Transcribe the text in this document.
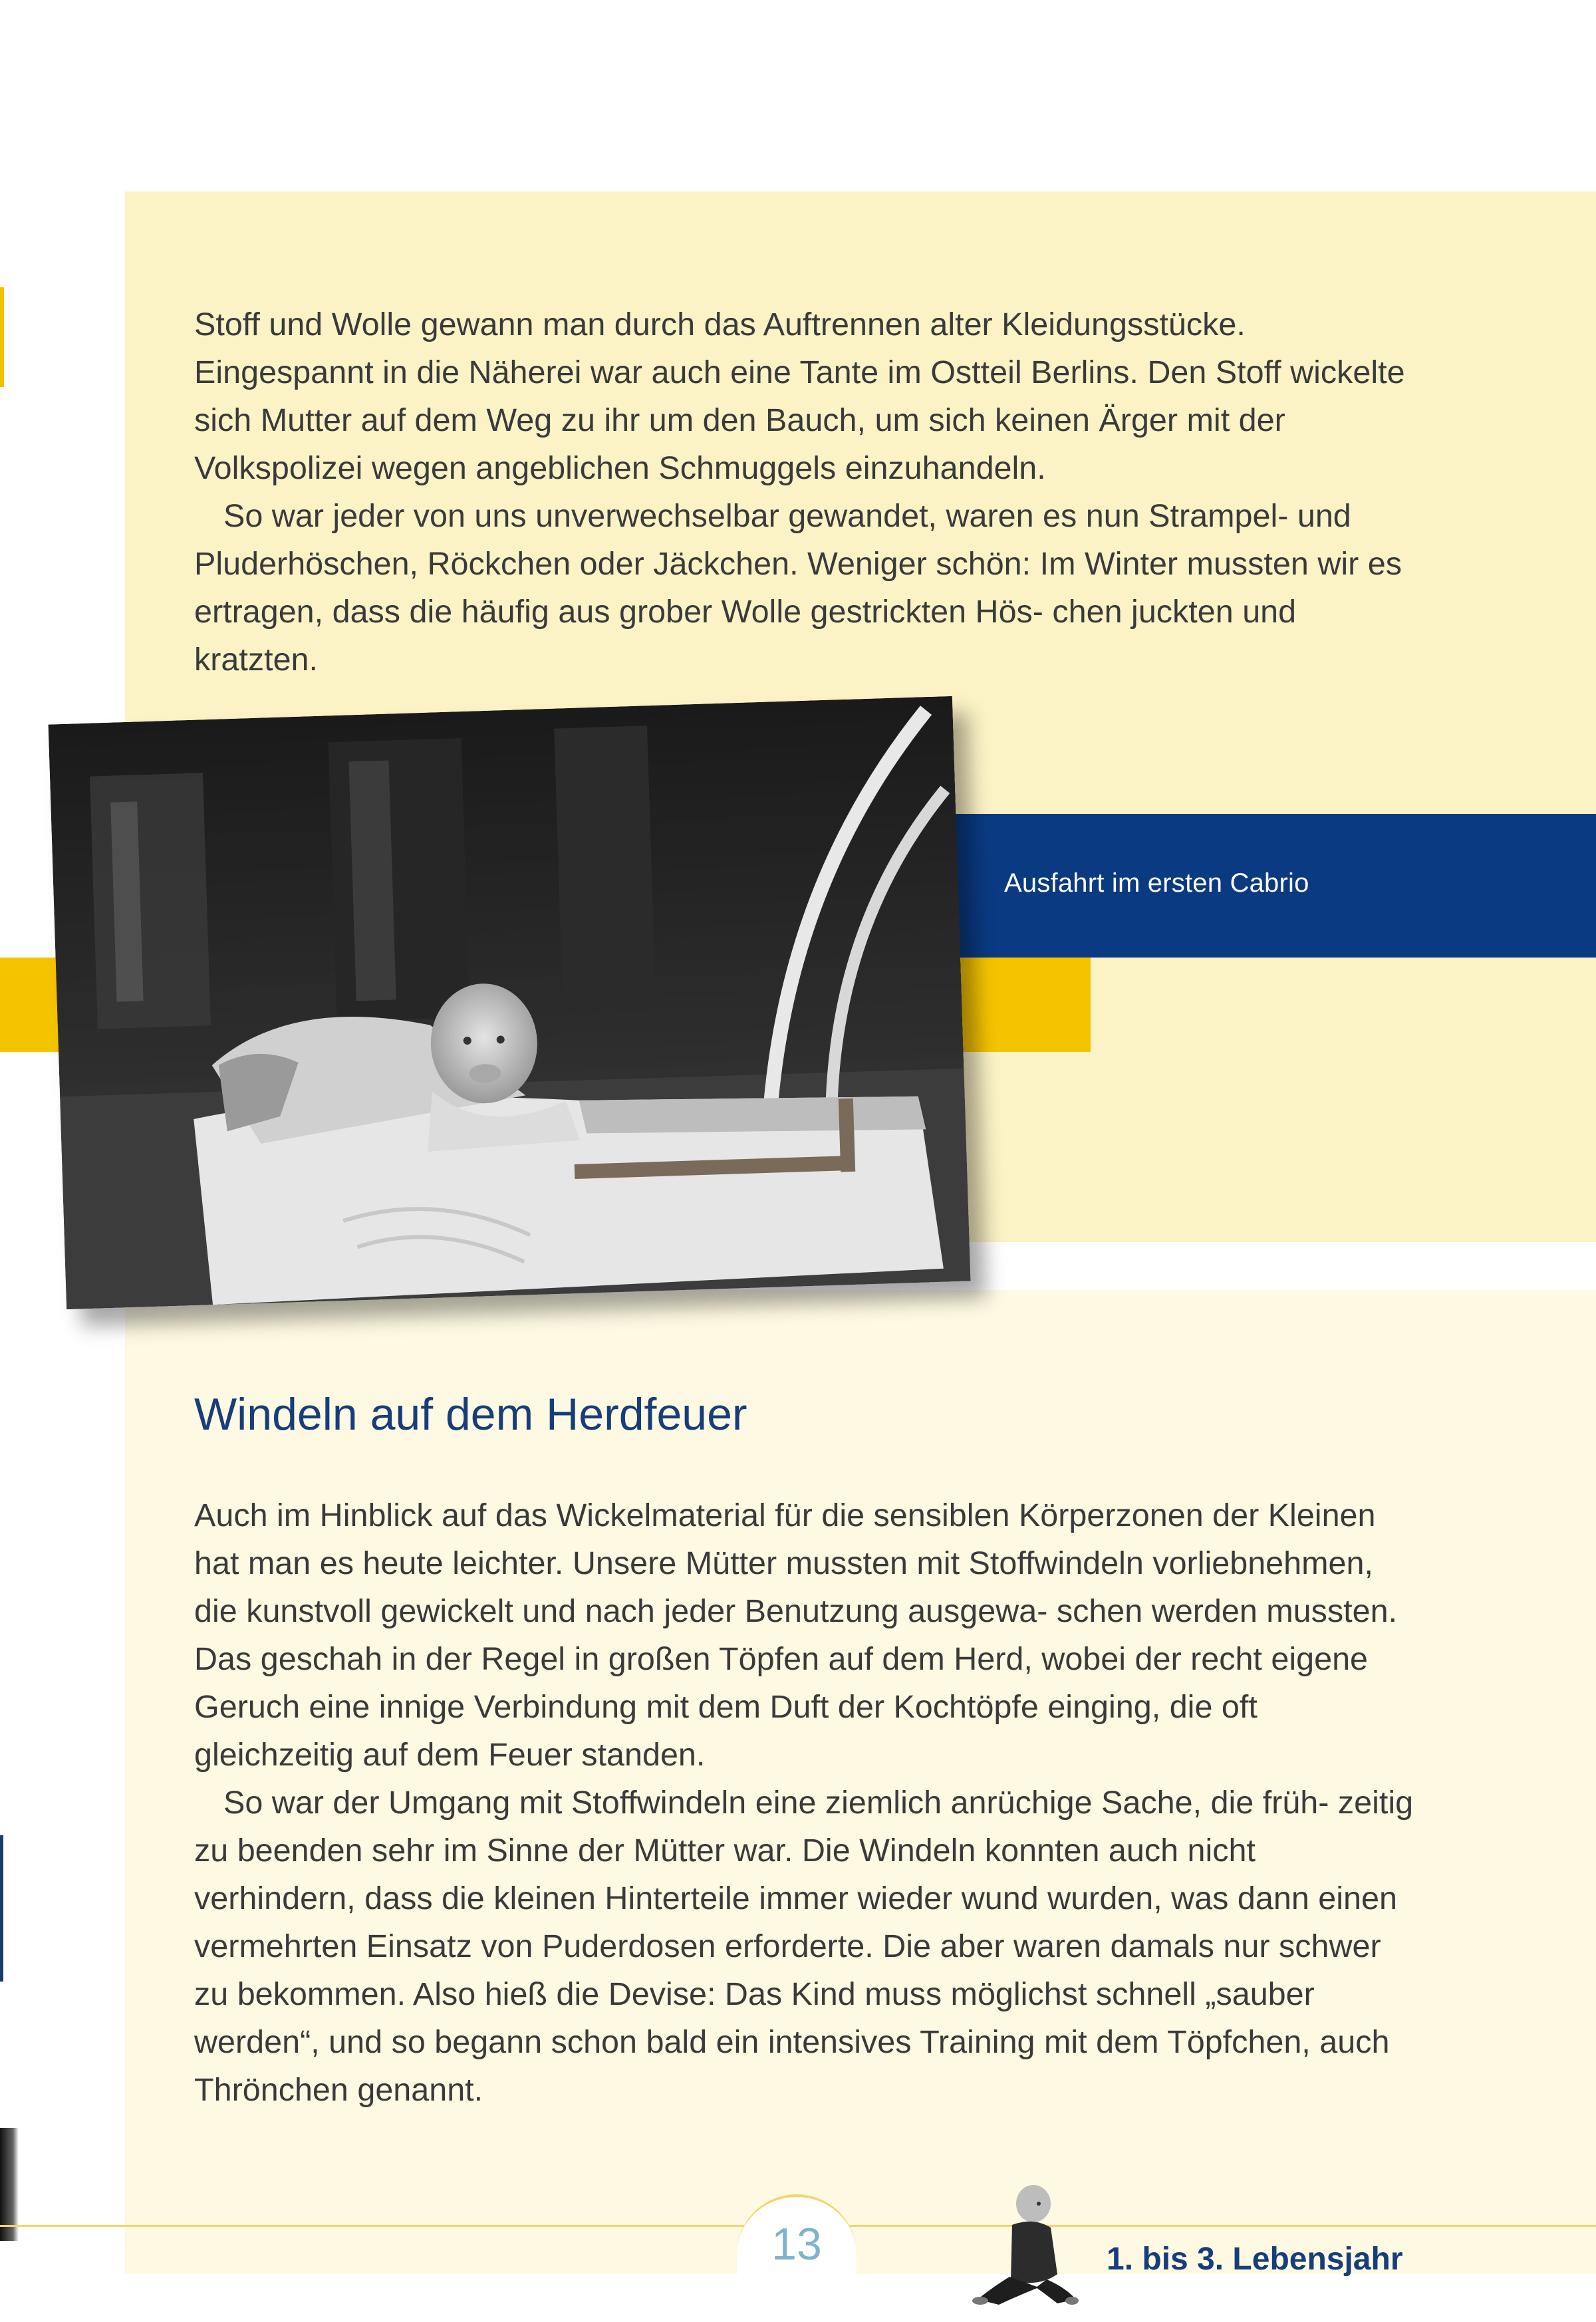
Stoff und Wolle gewann man durch das Auftrennen alter Kleidungsstücke. Eingespannt in die Näherei war auch eine Tante im Ostteil Berlins. Den Stoff wickelte sich Mutter auf dem Weg zu ihr um den Bauch, um sich keinen Ärger mit der Volkspolizei wegen angeblichen Schmuggels einzuhandeln.

So war jeder von uns unverwechselbar gewandet, waren es nun Strampel- und Pluderhöschen, Röckchen oder Jäckchen. Weniger schön: Im Winter mussten wir es ertragen, dass die häufig aus grober Wolle gestrickten Hös- chen juckten und kratzten.

Ausfahrt im ersten Cabrio
Windeln auf dem Herdfeuer

Auch im Hinblick auf das Wickelmaterial für die sensiblen Körperzonen der Kleinen hat man es heute leichter. Unsere Mütter mussten mit Stoffwindeln vorliebnehmen, die kunstvoll gewickelt und nach jeder Benutzung ausgewa- schen werden mussten. Das geschah in der Regel in großen Töpfen auf dem Herd, wobei der recht eigene Geruch eine innige Verbindung mit dem Duft der Kochtöpfe einging, die oft gleichzeitig auf dem Feuer standen.

So war der Umgang mit Stoffwindeln eine ziemlich anrüchige Sache, die früh- zeitig zu beenden sehr im Sinne der Mütter war. Die Windeln konnten auch nicht verhindern, dass die kleinen Hinterteile immer wieder wund wurden, was dann einen vermehrten Einsatz von Puderdosen erforderte. Die aber waren damals nur schwer zu bekommen. Also hieß die Devise: Das Kind muss möglichst schnell „sauber werden“, und so begann schon bald ein intensives Training mit dem Töpfchen, auch Thrönchen genannt.

13	1. bis 3. Lebensjahr
